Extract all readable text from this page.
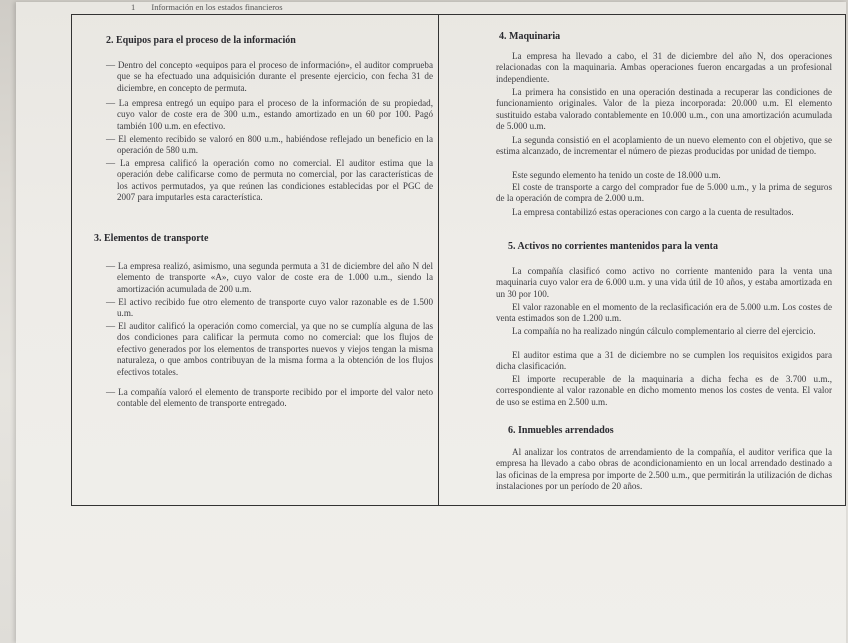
1 Información en los estados financieros
2. Equipos para el proceso de la información
— Dentro del concepto «equipos para el proceso de información», el auditor comprueba que se ha efectuado una adquisición durante el presente ejercicio, con fecha 31 de diciembre, en concepto de permuta.
— La empresa entregó un equipo para el proceso de la información de su propiedad, cuyo valor de coste era de 300 u.m., estando amortizado en un 60 por 100. Pagó también 100 u.m. en efectivo.
— El elemento recibido se valoró en 800 u.m., habiéndose reflejado un beneficio en la operación de 580 u.m.
— La empresa calificó la operación como no comercial. El auditor estima que la operación debe calificarse como de permuta no comercial, por las características de los activos permutados, ya que reúnen las condiciones establecidas por el PGC de 2007 para imputarles esta característica.
3. Elementos de transporte
— La empresa realizó, asimismo, una segunda permuta a 31 de diciembre del año N del elemento de transporte «A», cuyo valor de coste era de 1.000 u.m., siendo la amortización acumulada de 200 u.m.
— El activo recibido fue otro elemento de transporte cuyo valor razonable es de 1.500 u.m.
— El auditor calificó la operación como comercial, ya que no se cumplía alguna de las dos condiciones para calificar la permuta como no comercial: que los flujos de efectivo generados por los elementos de transportes nuevos y viejos tengan la misma naturaleza, o que ambos contribuyan de la misma forma a la obtención de los flujos efectivos totales.
— La compañía valoró el elemento de transporte recibido por el importe del valor neto contable del elemento de transporte entregado.
4. Maquinaria
La empresa ha llevado a cabo, el 31 de diciembre del año N, dos operaciones relacionadas con la maquinaria. Ambas operaciones fueron encargadas a un profesional independiente.
La primera ha consistido en una operación destinada a recuperar las condiciones de funcionamiento originales. Valor de la pieza incorporada: 20.000 u.m. El elemento sustituido estaba valorado contablemente en 10.000 u.m., con una amortización acumulada de 5.000 u.m.
La segunda consistió en el acoplamiento de un nuevo elemento con el objetivo, que se estima alcanzado, de incrementar el número de piezas producidas por unidad de tiempo.
Este segundo elemento ha tenido un coste de 18.000 u.m.
El coste de transporte a cargo del comprador fue de 5.000 u.m., y la prima de seguros de la operación de compra de 2.000 u.m.
La empresa contabilizó estas operaciones con cargo a la cuenta de resultados.
5. Activos no corrientes mantenidos para la venta
La compañía clasificó como activo no corriente mantenido para la venta una maquinaria cuyo valor era de 6.000 u.m. y una vida útil de 10 años, y estaba amortizada en un 30 por 100.
El valor razonable en el momento de la reclasificación era de 5.000 u.m. Los costes de venta estimados son de 1.200 u.m.
La compañía no ha realizado ningún cálculo complementario al cierre del ejercicio.
El auditor estima que a 31 de diciembre no se cumplen los requisitos exigidos para dicha clasificación.
El importe recuperable de la maquinaria a dicha fecha es de 3.700 u.m., correspondiente al valor razonable en dicho momento menos los costes de venta. El valor de uso se estima en 2.500 u.m.
6. Inmuebles arrendados
Al analizar los contratos de arrendamiento de la compañía, el auditor verifica que la empresa ha llevado a cabo obras de acondicionamiento en un local arrendado destinado a las oficinas de la empresa por importe de 2.500 u.m., que permitirán la utilización de dichas instalaciones por un período de 20 años.
